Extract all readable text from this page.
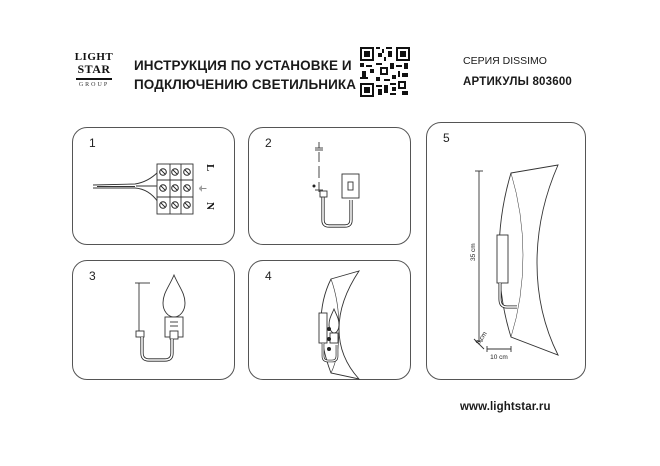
LIGHT
STAR
GROUP
ИНСТРУКЦИЯ ПО УСТАНОВКЕ И
ПОДКЛЮЧЕНИЮ СВЕТИЛЬНИКА
СЕРИЯ DISSIMO
АРТИКУЛЫ 803600
1
L
⏚
N
2
3	4
5
35 cm
8 cm
10 cm
www.lightstar.ru
